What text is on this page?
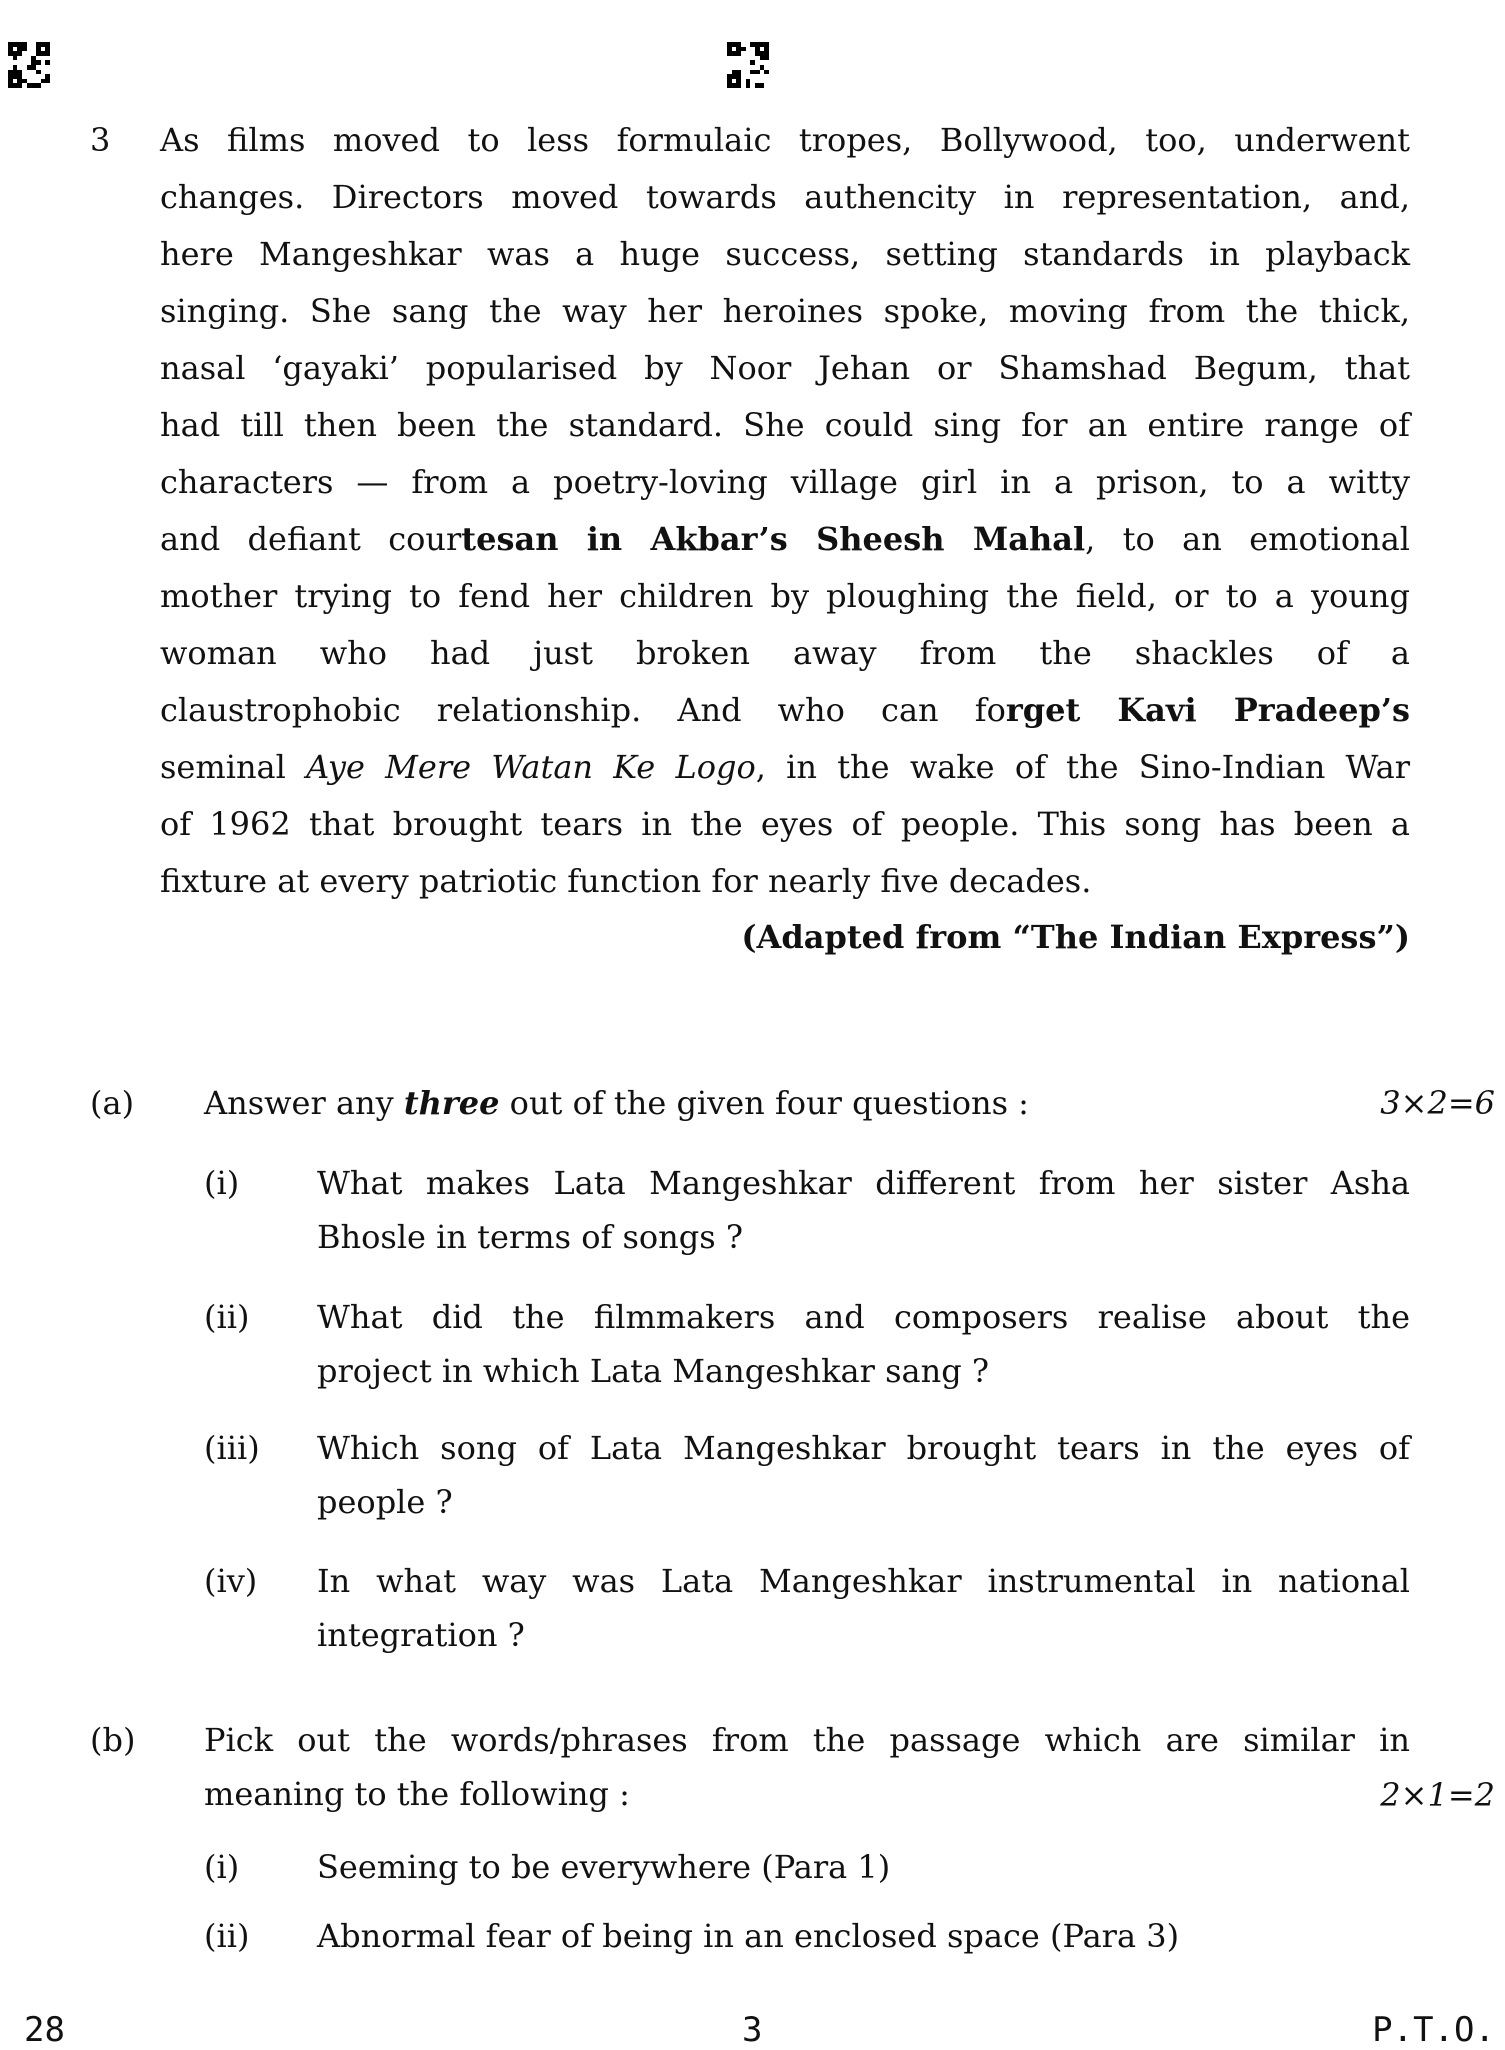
3 As films moved to less formulaic tropes, Bollywood, too, underwent
changes. Directors moved towards authencity in representation, and,
here Mangeshkar was a huge success, setting standards in playback
singing. She sang the way her heroines spoke, moving from the thick,
nasal ‘gayaki’ popularised by Noor Jehan or Shamshad Begum, that
had till then been the standard. She could sing for an entire range of
characters — from a poetry-loving village girl in a prison, to a witty
and defiant courtesan in Akbar’s Sheesh Mahal, to an emotional
mother trying to fend her children by ploughing the field, or to a young
woman who had just broken away from the shackles of a
claustrophobic relationship. And who can forget Kavi Pradeep’s
seminal Aye Mere Watan Ke Logo, in the wake of the Sino-Indian War
of 1962 that brought tears in the eyes of people. This song has been a
fixture at every patriotic function for nearly five decades.
(Adapted from “The Indian Express”)
(a) Answer any three out of the given four questions :	3×2=6
(i) What makes Lata Mangeshkar different from her sister Asha
Bhosle in terms of songs ?
(ii) What did the filmmakers and composers realise about the
project in which Lata Mangeshkar sang ?
(iii) Which song of Lata Mangeshkar brought tears in the eyes of
people ?
(iv) In what way was Lata Mangeshkar instrumental in national
integration ?
(b) Pick out the words/phrases from the passage which are similar in
meaning to the following :	2×1=2
(i) Seeming to be everywhere (Para 1)
(ii) Abnormal fear of being in an enclosed space (Para 3)
28	3	P.T.O.
